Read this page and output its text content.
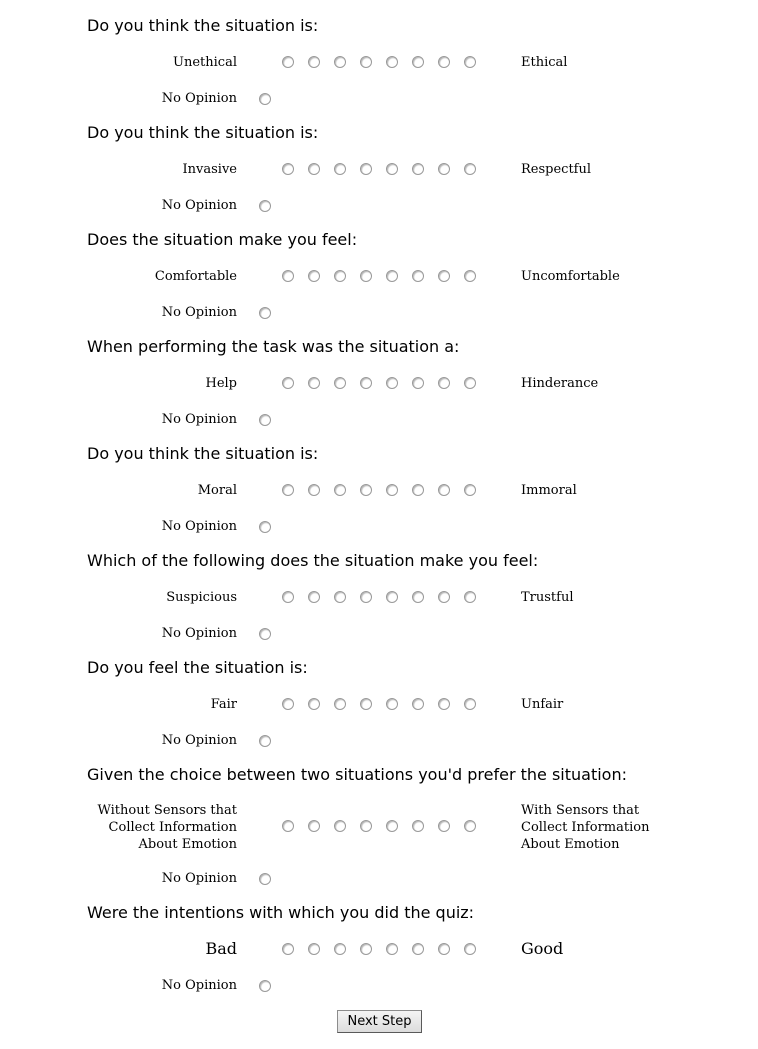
Do you think the situation is:
Unethical	Ethical
No Opinion
Do you think the situation is:
Invasive	Respectful
No Opinion
Does the situation make you feel:
Comfortable	Uncomfortable
No Opinion
When performing the task was the situation a:
Help	Hinderance
No Opinion
Do you think the situation is:
Moral	Immoral
No Opinion
Which of the following does the situation make you feel:
Suspicious	Trustful
No Opinion
Do you feel the situation is:
Fair	Unfair
No Opinion
Given the choice between two situations you'd prefer the situation:
Without Sensors that
Collect Information
About Emotion
With Sensors that
Collect Information
About Emotion
No Opinion
Were the intentions with which you did the quiz:
Bad	Good
No Opinion
Next Step
